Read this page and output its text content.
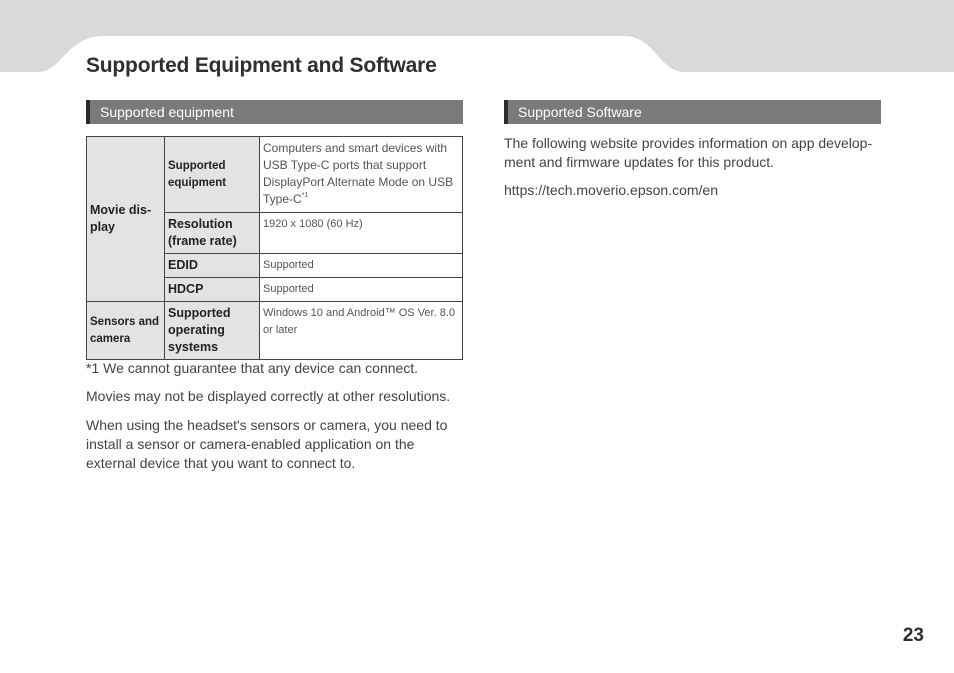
Supported Equipment and Software
Supported equipment	Supported Software
Movie dis-play	Supported equipment	Computers and smart devices with USB Type-C ports that support DisplayPort Alternate Mode on USB Type-$C^{*1}$
	Resolution (frame rate)	1920 x 1080 (60 Hz)
	EDID	Supported
	HDCP	Supported
Sensors and camera	Supported operating systems	Windows 10 and Android™ OS Ver. 8.0 or later

*1 We cannot guarantee that any device can connect.

Movies may not be displayed correctly at other resolutions.

When using the headset's sensors or camera, you need to install a sensor or camera-enabled application on the external device that you want to connect to.

The following website provides information on app develop-ment and firmware updates for this product.

https://tech.moverio.epson.com/en

23
